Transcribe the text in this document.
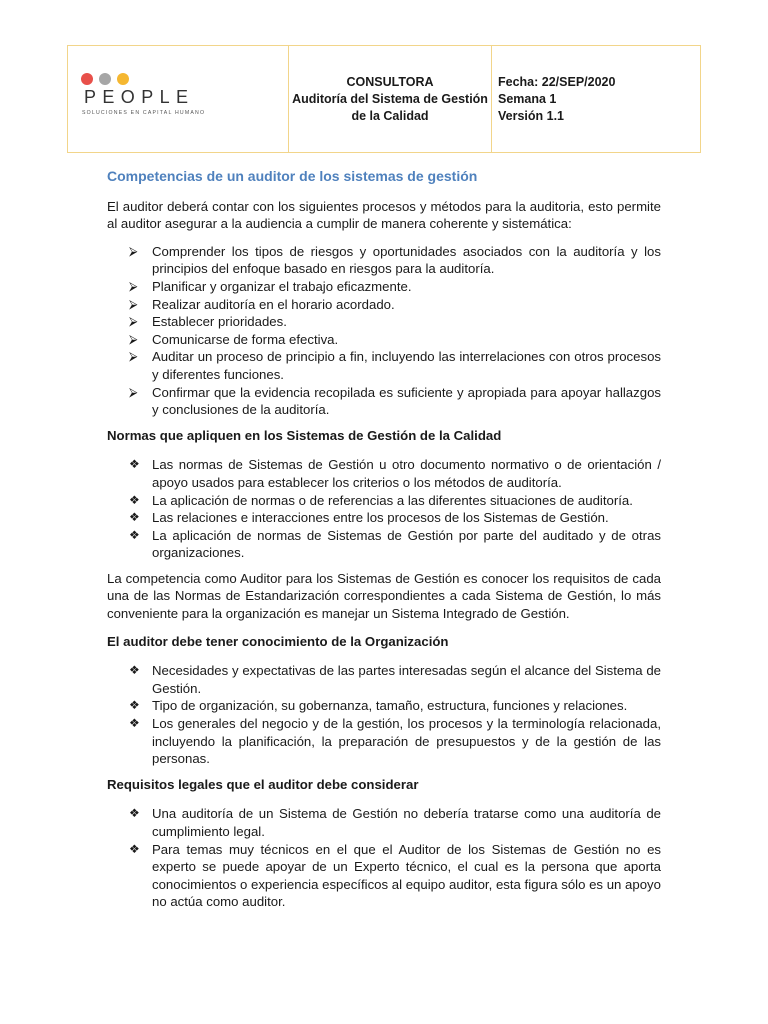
PEOPLE
SOLUCIONES EN CAPITAL HUMANO
CONSULTORA
Auditoría del Sistema de Gestión
de la Calidad
Fecha: 22/SEP/2020
Semana 1
Versión 1.1
Competencias de un auditor de los sistemas de gestión

El auditor deberá contar con los siguientes procesos y métodos para la auditoria, esto permite al auditor asegurar a la audiencia a cumplir de manera coherente y sistemática:

⮚ Comprender los tipos de riesgos y oportunidades asociados con la auditoría y los principios del enfoque basado en riesgos para la auditoría.
⮚ Planificar y organizar el trabajo eficazmente.
⮚ Realizar auditoría en el horario acordado.
⮚ Establecer prioridades.
⮚ Comunicarse de forma efectiva.
⮚ Auditar un proceso de principio a fin, incluyendo las interrelaciones con otros procesos y diferentes funciones.
⮚ Confirmar que la evidencia recopilada es suficiente y apropiada para apoyar hallazgos y conclusiones de la auditoría.
Normas que apliquen en los Sistemas de Gestión de la Calidad
❖ Las normas de Sistemas de Gestión u otro documento normativo o de orientación / apoyo usados para establecer los criterios o los métodos de auditoría.
❖ La aplicación de normas o de referencias a las diferentes situaciones de auditoría.
❖ Las relaciones e interacciones entre los procesos de los Sistemas de Gestión.
❖ La aplicación de normas de Sistemas de Gestión por parte del auditado y de otras organizaciones.

La competencia como Auditor para los Sistemas de Gestión es conocer los requisitos de cada una de las Normas de Estandarización correspondientes a cada Sistema de Gestión, lo más conveniente para la organización es manejar un Sistema Integrado de Gestión.

El auditor debe tener conocimiento de la Organización
❖ Necesidades y expectativas de las partes interesadas según el alcance del Sistema de Gestión.
❖ Tipo de organización, su gobernanza, tamaño, estructura, funciones y relaciones.
❖ Los generales del negocio y de la gestión, los procesos y la terminología relacionada, incluyendo la planificación, la preparación de presupuestos y de la gestión de las personas.
Requisitos legales que el auditor debe considerar
❖ Una auditoría de un Sistema de Gestión no debería tratarse como una auditoría de cumplimiento legal.
❖ Para temas muy técnicos en el que el Auditor de los Sistemas de Gestión no es experto se puede apoyar de un Experto técnico, el cual es la persona que aporta conocimientos o experiencia específicos al equipo auditor, esta figura sólo es un apoyo no actúa como auditor.
